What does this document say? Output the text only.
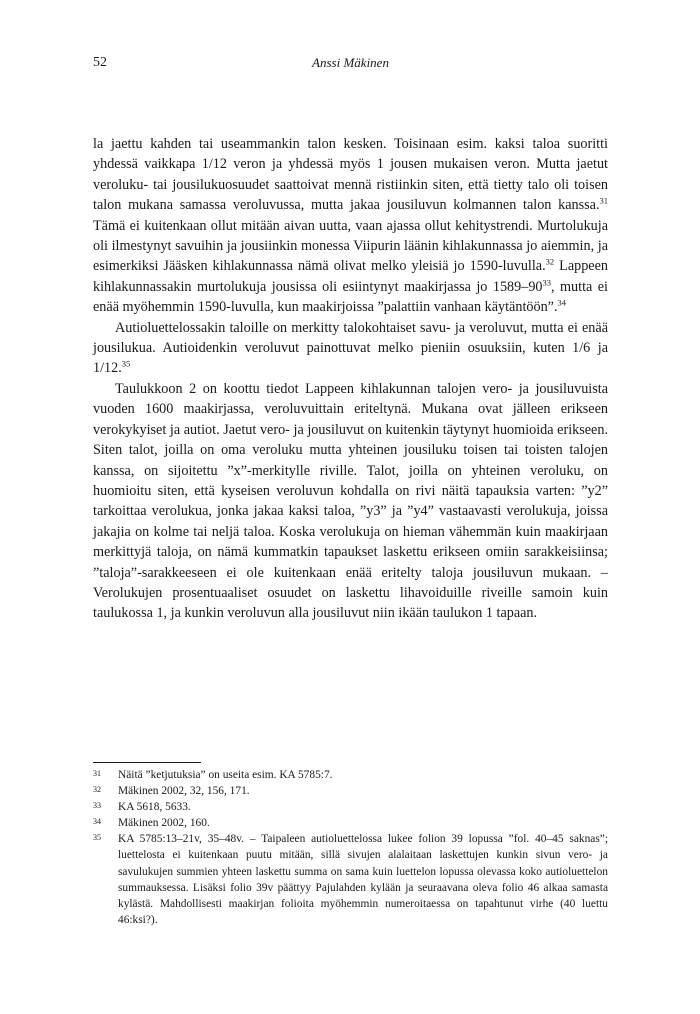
52	Anssi Mäkinen

la jaettu kahden tai useammankin talon kesken. Toisinaan esim. kaksi taloa suoritti yhdessä vaikkapa 1/12 veron ja yhdessä myös 1 jousen mukaisen veron. Mutta jaetut veroluku- tai jousilukuosuudet saattoivat mennä ristiinkin siten, että tietty talo oli toisen talon mukana samassa veroluvussa, mutta jakaa jousiluvun kolmannen talon kanssa.$^{31}$ Tämä ei kuitenkaan ollut mitään aivan uutta, vaan ajassa ollut kehitystrendi. Murtolukuja oli ilmestynyt savuihin ja jousiinkin monessa Viipurin läänin kihlakunnassa jo aiemmin, ja esimerkiksi Jääsken kihlakunnassa nämä olivat melko yleisiä jo 1590-luvulla.$^{32}$ Lappeen kihlakunnassakin murtolukuja jousissa oli esiintynyt maakirjassa jo $1589-90^{33}$, mutta ei enää myöhemmin 1590-luvulla, kun maakirjoissa ”palattiin vanhaan käytäntöön”.$^{34}$

Autioluettelossakin taloille on merkitty talokohtaiset savu- ja veroluvut, mutta ei enää jousilukua. Autioidenkin veroluvut painottuvat melko pieniin osuuksiin, kuten 1/6 ja 1/12.35

Taulukkoon 2 on koottu tiedot Lappeen kihlakunnan talojen vero- ja jousiluvuista vuoden 1600 maakirjassa, veroluvuittain eriteltynä. Mukana ovat jälleen erikseen verokykyiset ja autiot. Jaetut vero- ja jousiluvut on kuitenkin täytynyt huomioida erikseen. Siten talot, joilla on oma veroluku mutta yhteinen jousiluku toisen tai toisten talojen kanssa, on sijoitettu ”x”-merkitylle riville. Talot, joilla on yhteinen veroluku, on huomioitu siten, että kyseisen veroluvun kohdalla on rivi näitä tapauksia varten: ”y2” tarkoittaa verolukua, jonka jakaa kaksi taloa, ”y3” ja ”y4” vastaavasti verolukuja, joissa jakajia on kolme tai neljä taloa. Koska verolukuja on hieman vähemmän kuin maakirjaan merkittyjä taloja, on nämä kummatkin tapaukset laskettu erikseen omiin sarakkeisiinsa; ”taloja”-sarakkeeseen ei ole kuitenkaan enää eritelty taloja jousiluvun mukaan. – Verolukujen prosentuaaliset osuudet on laskettu lihavoiduille riveille samoin kuin taulukossa 1, ja kunkin veroluvun alla jousiluvut niin ikään taulukon 1 tapaan.

31 Näitä ”ketjutuksia” on useita esim. KA 5785:7.
32 Mäkinen 2002, 32, 156, 171.
33 KA 5618, 5633.
34 Mäkinen 2002, 160.
35 KA 5785:13–21v, 35–48v. – Taipaleen autioluettelossa lukee folion 39 lopussa ”fol. 40–45 saknas”; luettelosta ei kuitenkaan puutu mitään, sillä sivujen alalaitaan laskettujen kunkin sivun vero- ja savulukujen summien yhteen laskettu summa on sama kuin luettelon lopussa olevassa koko autioluettelon summauksessa. Lisäksi folio 39v päättyy Pajulahden kylään ja seuraavana oleva folio 46 alkaa samasta kylästä. Mahdollisesti maakirjan folioita myöhemmin numeroitaessa on tapahtunut virhe (40 luettu 46:ksi?).
